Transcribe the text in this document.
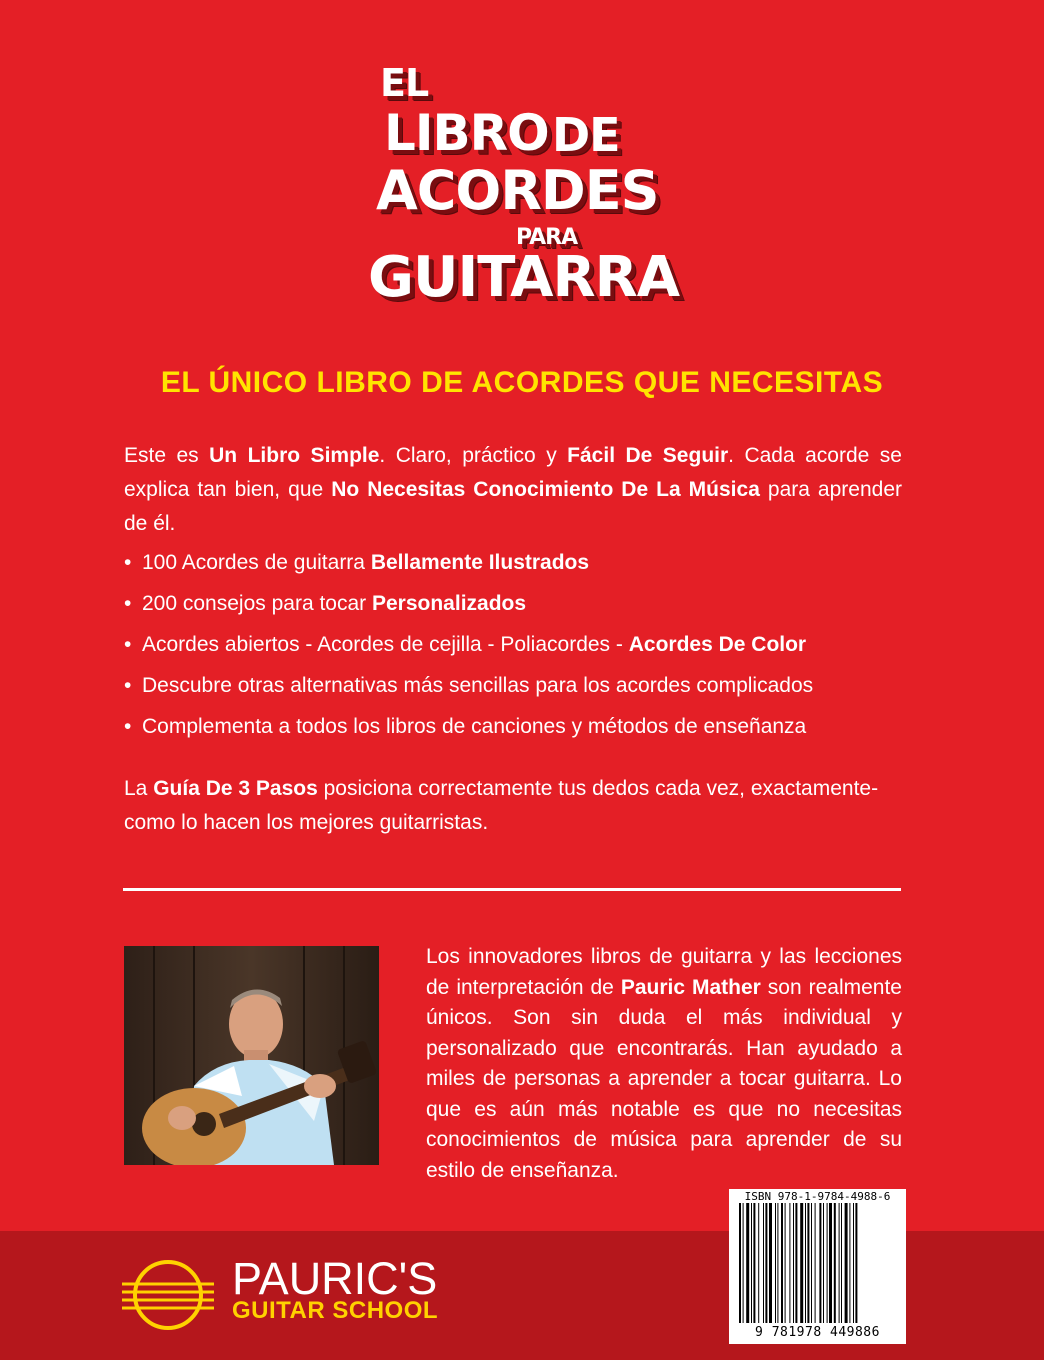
EL
LIBRO DE
ACORDES
PARA
GUITARRA
EL ÚNICO LIBRO DE ACORDES QUE NECESITAS
Este es Un Libro Simple. Claro, práctico y Fácil De Seguir. Cada acorde se explica tan bien, que No Necesitas Conocimiento De La Música para aprender de él.
• 100 Acordes de guitarra Bellamente Ilustrados
• 200 consejos para tocar Personalizados
• Acordes abiertos - Acordes de cejilla - Poliacordes - Acordes De Color
• Descubre otras alternativas más sencillas para los acordes complicados
• Complementa a todos los libros de canciones y métodos de enseñanza
La Guía De 3 Pasos posiciona correctamente tus dedos cada vez, exactamente-
como lo hacen los mejores guitarristas.
Los innovadores libros de guitarra y las lecciones de interpretación de Pauric Mather son realmente únicos. Son sin duda el más individual y personalizado que encontrarás. Han ayudado a miles de personas a aprender a tocar guitarra. Lo que es aún más notable es que no necesitas conocimientos de música para aprender de su estilo de enseñanza.
PAURIC'S
GUITAR SCHOOL
ISBN 978-1-9784-4988-6
9 781978 449886
